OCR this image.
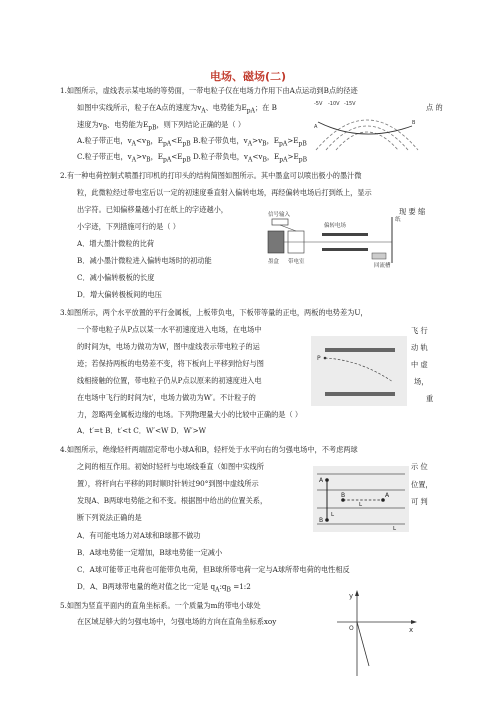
电场、磁场(二)
1.如图所示，虚线表示某电场的等势面，一带电粒子仅在电场力作用下由A点运动到B点的径迹
如图中实线所示，粒子在A点的速度为$v_A$、电势能为$E_{pA}$；在 B	点 的
速度为$v_B$、电势能为$E_{pB}$，则下列结论正确的是（ ）
A.粒子带正电，$v_A<v_B$，$E_{pA}<E_{pB}$ B.粒子带负电，$v_A>v_B$，$E_{pA}>E_{pB}$
C.粒子带正电，$v_A>v_B$，$E_{pA}<E_{pB}$ D.粒子带负电，$v_A<v_B$，$E_{pA}>E_{pB}$
-5V -10V -15V
A
B
2.有一种电荷控制式喷墨打印机的打印头的结构简图如图所示。其中墨盒可以喷出极小的墨汁微
粒，此微粒经过带电室后以一定的初速度垂直射入偏转电场，再经偏转电场后打到纸上，显示
出字符。已知偏移量越小打在纸上的字迹越小，	现 要 缩
小字迹，下列措施可行的是（ ）
A．增大墨汁微粒的比荷
B．减小墨汁微粒进入偏转电场时的初动能
C．减小偏转极板的长度
D．增大偏转极板间的电压
信号输入
偏转电场
纸
墨盒 带电室
回流槽
3.如图所示，两个水平放置的平行金属板，上板带负电，下板带等量的正电，两板的电势差为U，
一个带电粒子从P点以某一水平初速度进入电场，在电场中	飞 行
的时间为t，电场力做功为W，图中虚线表示带电粒子的运	动 轨
迹；若保持两板的电势差不变，将下板向上平移到恰好与图	中 虚
线相接触的位置，带电粒子仍从P点以原来的初速度进入电	场，
在电场中飞行的时间为t′，电场力做功为W′。不计粒子的	重
力，忽略两金属板边缘的电场。下列物理量大小的比较中正确的是（ ）
A．t′=t B．t′<t C．W′<W D．W′>W
P
4.如图所示，绝缘轻杆两端固定带电小球A和B，轻杆处于水平向右的匀强电场中，不考虑两球
之间的相互作用。初始时轻杆与电场线垂直（如图中实线所	示 位
置），将杆向右平移的同时顺时针转过90°到图中虚线所示	位置，
发现A、B两球电势能之和不变。根据图中给出的位置关系，	可 判
断下列说法正确的是
A．有可能电场力对A球和B球都不做功
B．A球电势能一定增加，B球电势能一定减小
C．A球可能带正电荷也可能带负电荷，但B球所带电荷一定与A球所带电荷的电性相反
D．A、B两球带电量的绝对值之比一定是 $q_A:q_B$ =1:2
A
B
B	A
L
L
L
5.如图为竖直平面内的直角坐标系。一个质量为m的带电小球处
在区域足够大的匀强电场中，匀强电场的方向在直角坐标系xoy
y
x
O
